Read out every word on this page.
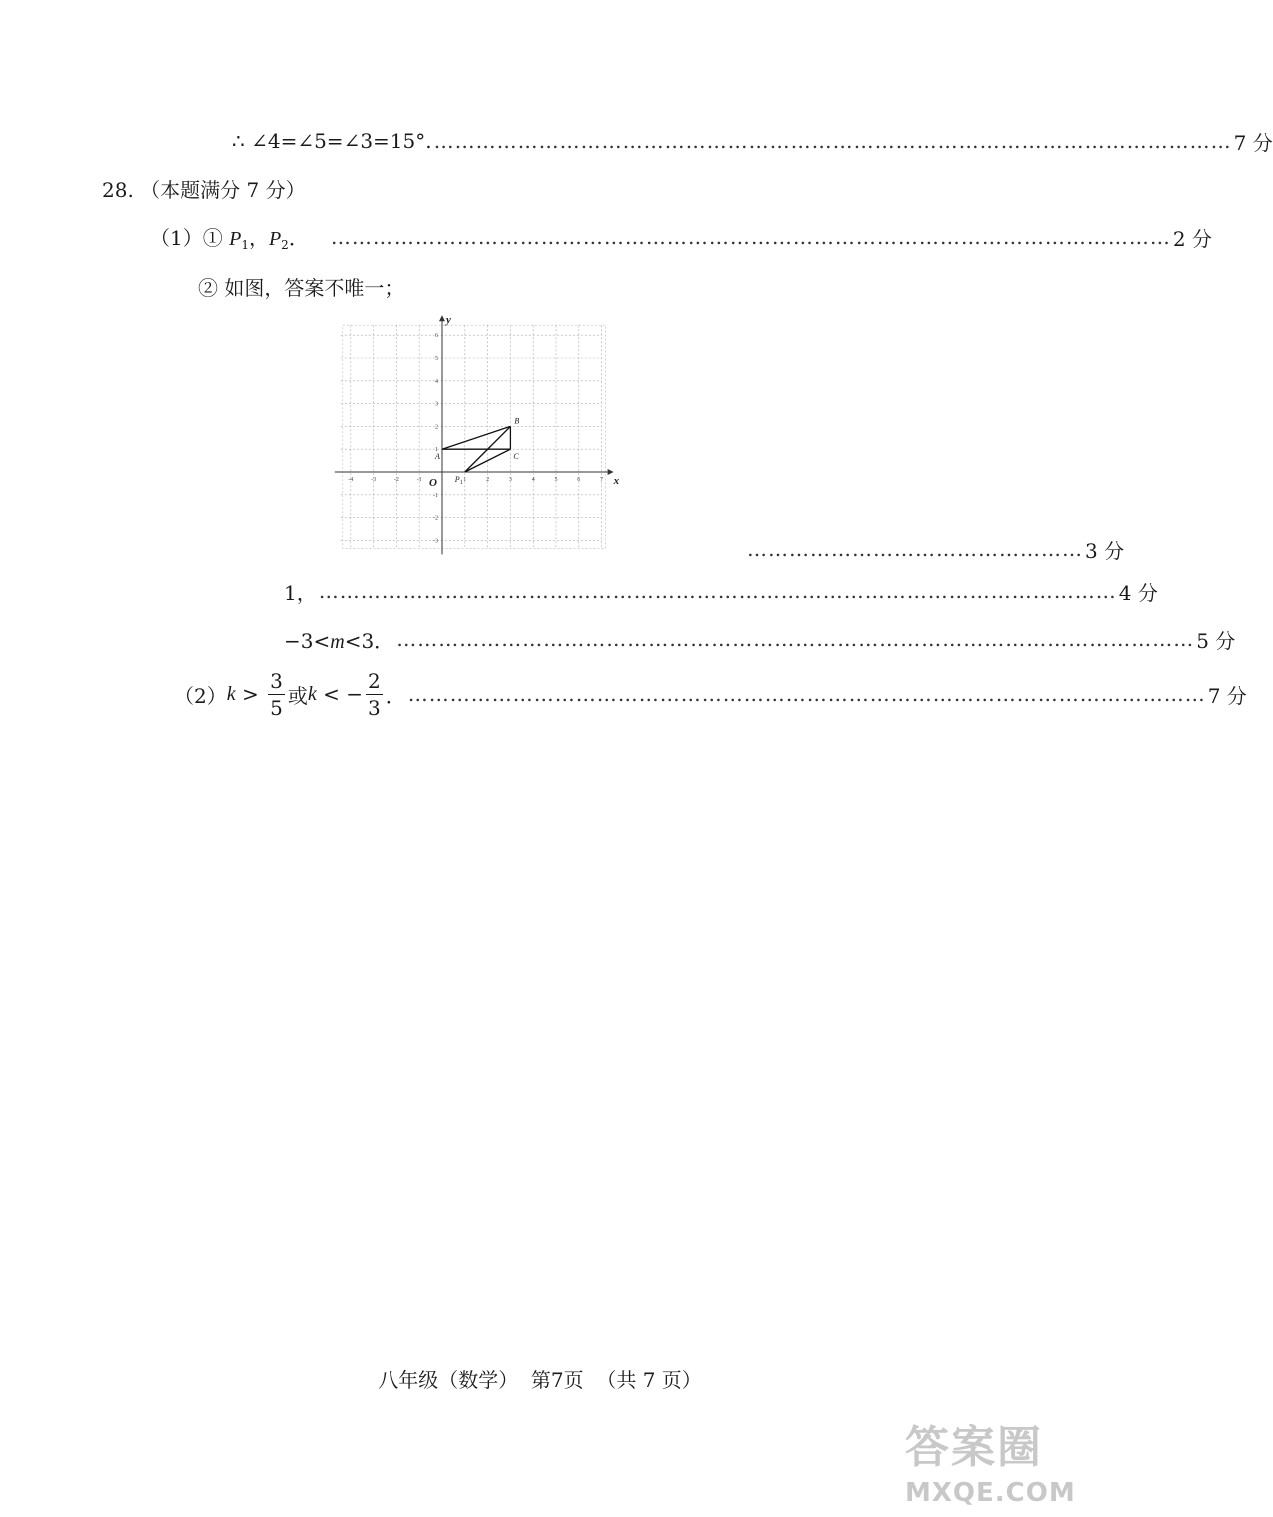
∴ ∠4=∠5=∠3=15°. …………………………………………………………………………………………………… 7 分
28. （本题满分 7 分）
（1）① $P_1$，$P_2$． ………………………………………………………………………………………………………… 2 分
② 如图，答案不唯一；
x
y
O
-4	-3	-2	-1	1	2	3	4	5	6	7
-3
-2
-1
1
2
3
4
5
6
A
B
C
$P_1$
………………………………………… 3 分
1， …………………………………………………………………………………………………… 4 分
−3<m<3． …………………………………………………………………………………………………… 5 分
（2） $k > \frac{3}{5}$ 或 k < − $\frac{2}{3}$ ． …………………………………………………………………………………………………… 7 分
八年级（数学）  第7页  （共 7 页）
答案圈
MXQE.COM
